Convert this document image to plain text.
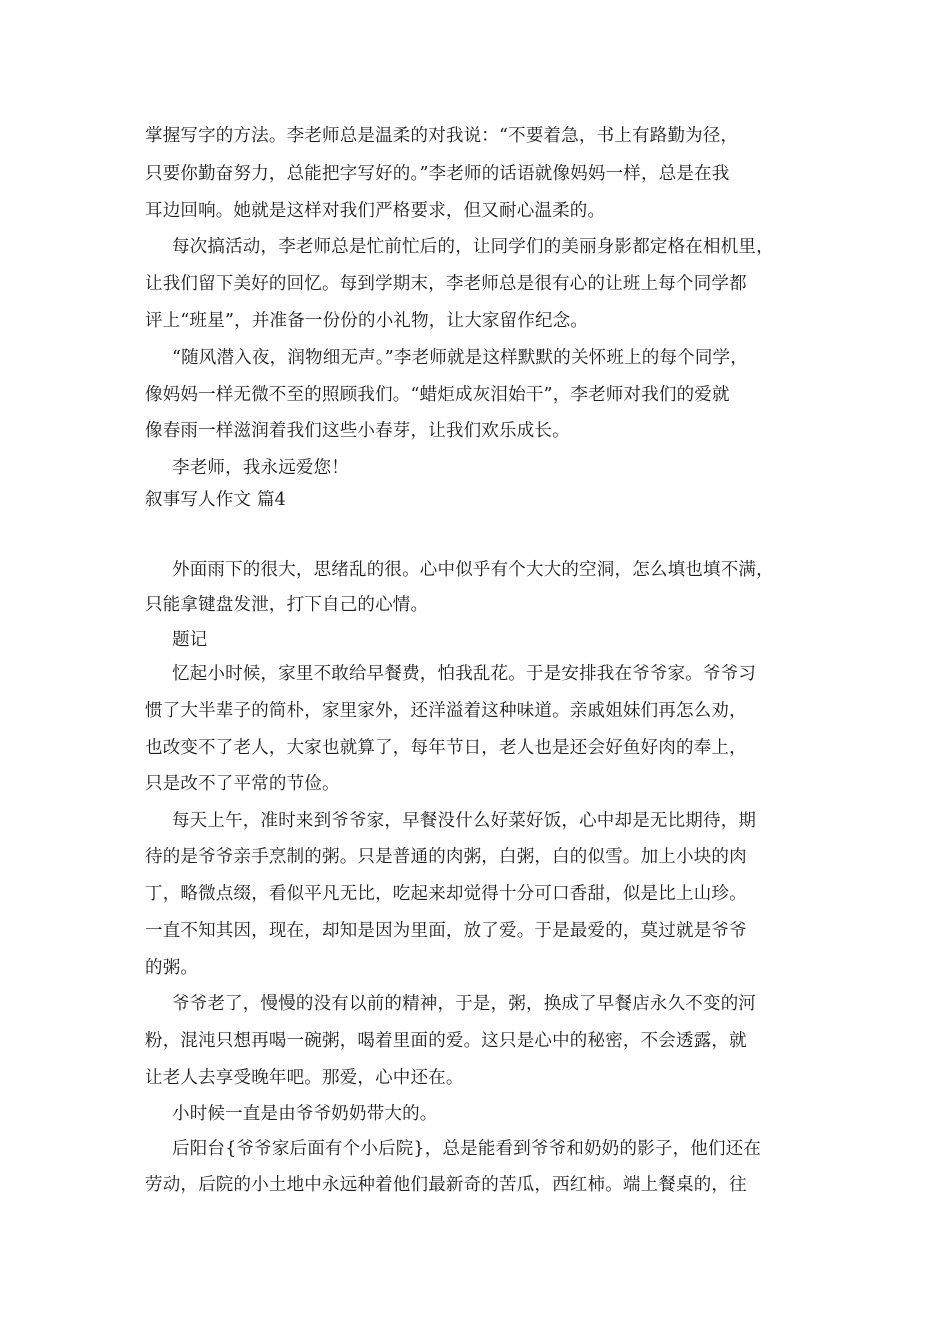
掌握写字的方法。李老师总是温柔的对我说：“不要着急，书上有路勤为径，
只要你勤奋努力，总能把字写好的。”李老师的话语就像妈妈一样，总是在我
耳边回响。她就是这样对我们严格要求，但又耐心温柔的。
每次搞活动，李老师总是忙前忙后的，让同学们的美丽身影都定格在相机里，
让我们留下美好的回忆。每到学期末，李老师总是很有心的让班上每个同学都
评上“班星”，并准备一份份的小礼物，让大家留作纪念。
“随风潜入夜，润物细无声。”李老师就是这样默默的关怀班上的每个同学，
像妈妈一样无微不至的照顾我们。“蜡炬成灰泪始干”，李老师对我们的爱就
像春雨一样滋润着我们这些小春芽，让我们欢乐成长。
李老师，我永远爱您！
叙事写人作文 篇4
外面雨下的很大，思绪乱的很。心中似乎有个大大的空洞，怎么填也填不满，
只能拿键盘发泄，打下自己的心情。
题记
忆起小时候，家里不敢给早餐费，怕我乱花。于是安排我在爷爷家。爷爷习
惯了大半辈子的简朴，家里家外，还洋溢着这种味道。亲戚姐妹们再怎么劝，
也改变不了老人，大家也就算了，每年节日，老人也是还会好鱼好肉的奉上，
只是改不了平常的节俭。
每天上午，准时来到爷爷家，早餐没什么好菜好饭，心中却是无比期待，期
待的是爷爷亲手烹制的粥。只是普通的肉粥，白粥，白的似雪。加上小块的肉
丁，略微点缀，看似平凡无比，吃起来却觉得十分可口香甜，似是比上山珍。
一直不知其因，现在，却知是因为里面，放了爱。于是最爱的，莫过就是爷爷
的粥。
爷爷老了，慢慢的没有以前的精神，于是，粥，换成了早餐店永久不变的河
粉，混沌只想再喝一碗粥，喝着里面的爱。这只是心中的秘密，不会透露，就
让老人去享受晚年吧。那爱，心中还在。
小时候一直是由爷爷奶奶带大的。
后阳台{爷爷家后面有个小后院}，总是能看到爷爷和奶奶的影子，他们还在
劳动，后院的小土地中永远种着他们最新奇的苦瓜，西红柿。端上餐桌的，往
